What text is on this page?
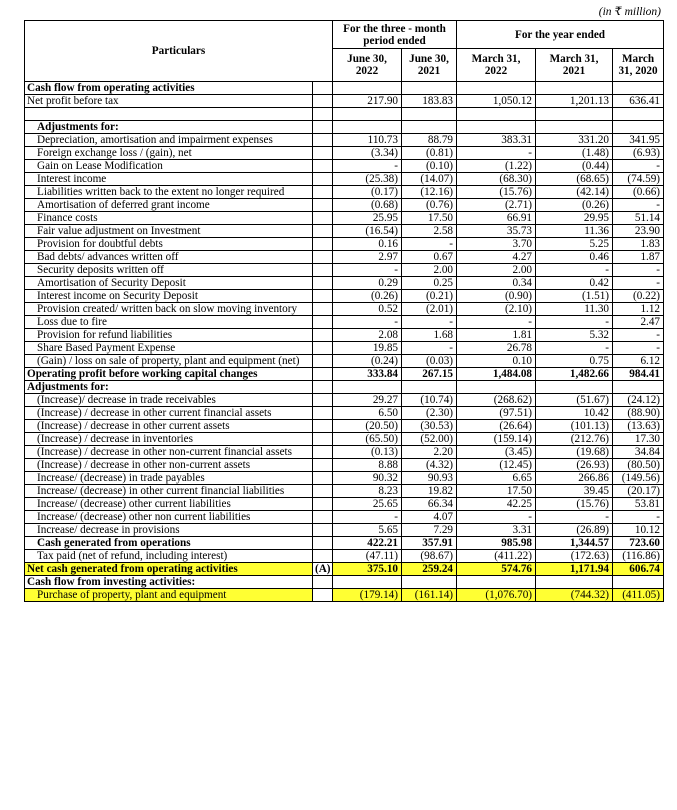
(in ₹ million)
Particulars		For the three - month period ended		For the year ended		
		June 30, 2022	June 30, 2021	March 31, 2022	March 31, 2021	March 31, 2020
Cash flow from operating activities						
Net profit before tax		217.90	183.83	1,050.12	1,201.13	636.41

Adjustments for:						
Depreciation, amortisation and impairment expenses		110.73	88.79	383.31	331.20	341.95
Foreign exchange loss / (gain), net		(3.34)	(0.81)	-	(1.48)	(6.93)
Gain on Lease Modification		-	(0.10)	(1.22)	(0.44)	-
Interest income		(25.38)	(14.07)	(68.30)	(68.65)	(74.59)
Liabilities written back to the extent no longer required		(0.17)	(12.16)	(15.76)	(42.14)	(0.66)
Amortisation of deferred grant income		(0.68)	(0.76)	(2.71)	(0.26)	-
Finance costs		25.95	17.50	66.91	29.95	51.14
Fair value adjustment on Investment		(16.54)	2.58	35.73	11.36	23.90
Provision for doubtful debts		0.16	-	3.70	5.25	1.83
Bad debts/ advances written off		2.97	0.67	4.27	0.46	1.87
Security deposits written off		-	2.00	2.00	-	-
Amortisation of Security Deposit		0.29	0.25	0.34	0.42	-
Interest income on Security Deposit		(0.26)	(0.21)	(0.90)	(1.51)	(0.22)
Provision created/ written back on slow moving inventory		0.52	(2.01)	(2.10)	11.30	1.12
Loss due to fire		-	-	-	-	2.47
Provision for refund liabilities		2.08	1.68	1.81	5.32	-
Share Based Payment Expense		19.85	-	26.78	-	-
(Gain) / loss on sale of property, plant and equipment (net)		(0.24)	(0.03)	0.10	0.75	6.12
Operating profit before working capital changes		333.84	267.15	1,484.08	1,482.66	984.41
Adjustments for:						
(Increase)/ decrease in trade receivables		29.27	(10.74)	(268.62)	(51.67)	(24.12)
(Increase) / decrease in other current financial assets		6.50	(2.30)	(97.51)	10.42	(88.90)
(Increase) / decrease in other current assets		(20.50)	(30.53)	(26.64)	(101.13)	(13.63)
(Increase) / decrease in inventories		(65.50)	(52.00)	(159.14)	(212.76)	17.30
(Increase) / decrease in other non-current financial assets		(0.13)	2.20	(3.45)	(19.68)	34.84
(Increase) / decrease in other non-current assets		8.88	(4.32)	(12.45)	(26.93)	(80.50)
Increase/ (decrease) in trade payables		90.32	90.93	6.65	266.86	(149.56)
Increase/ (decrease) in other current financial liabilities		8.23	19.82	17.50	39.45	(20.17)
Increase/ (decrease) other current liabilities		25.65	66.34	42.25	(15.76)	53.81
Increase/ (decrease) other non current liabilities		-	4.07	-	-	-
Increase/ decrease in provisions		5.65	7.29	3.31	(26.89)	10.12
Cash generated from operations		422.21	357.91	985.98	1,344.57	723.60
Tax paid (net of refund, including interest)		(47.11)	(98.67)	(411.22)	(172.63)	(116.86)
Net cash generated from operating activities	(A)	375.10	259.24	574.76	1,171.94	606.74
Cash flow from investing activities:						
Purchase of property, plant and equipment		(179.14)	(161.14)	(1,076.70)	(744.32)	(411.05)
